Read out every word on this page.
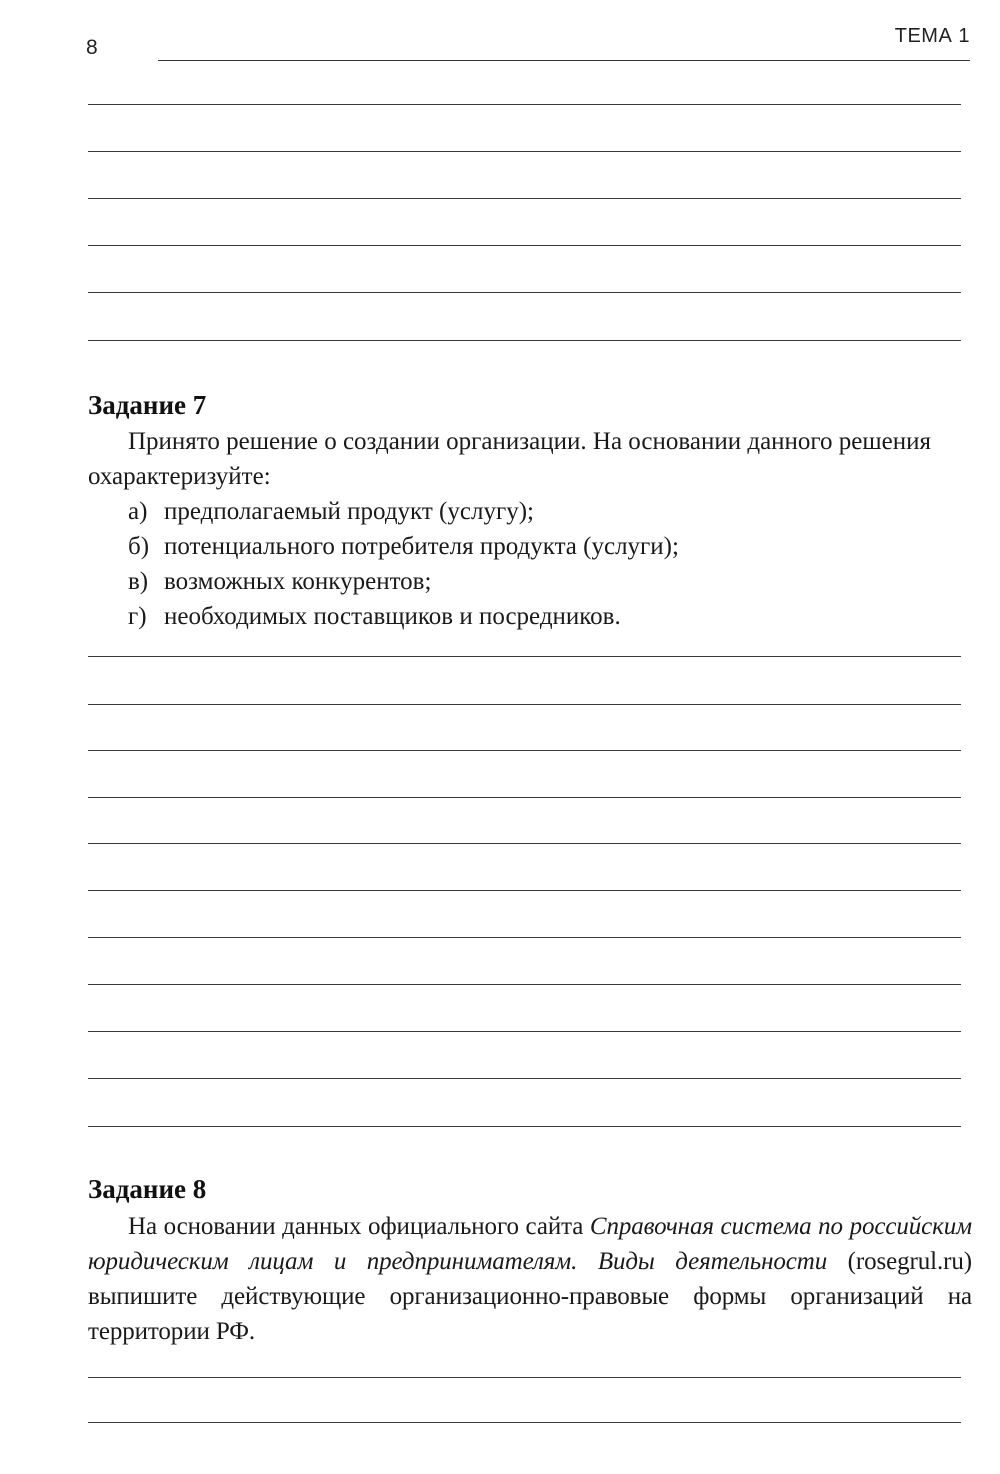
8	ТЕМА 1
Задание 7

Принято решение о создании организации. На основании данного решения охарактеризуйте:

а) предполагаемый продукт (услугу);
б) потенциального потребителя продукта (услуги);
в) возможных конкурентов;
г) необходимых поставщиков и посредников.
Задание 8

На основании данных официального сайта Справочная система по российским юридическим лицам и предпринимателям. Виды деятельности (rosegrul.ru) выпишите действующие организационно-правовые формы организаций на территории РФ.
